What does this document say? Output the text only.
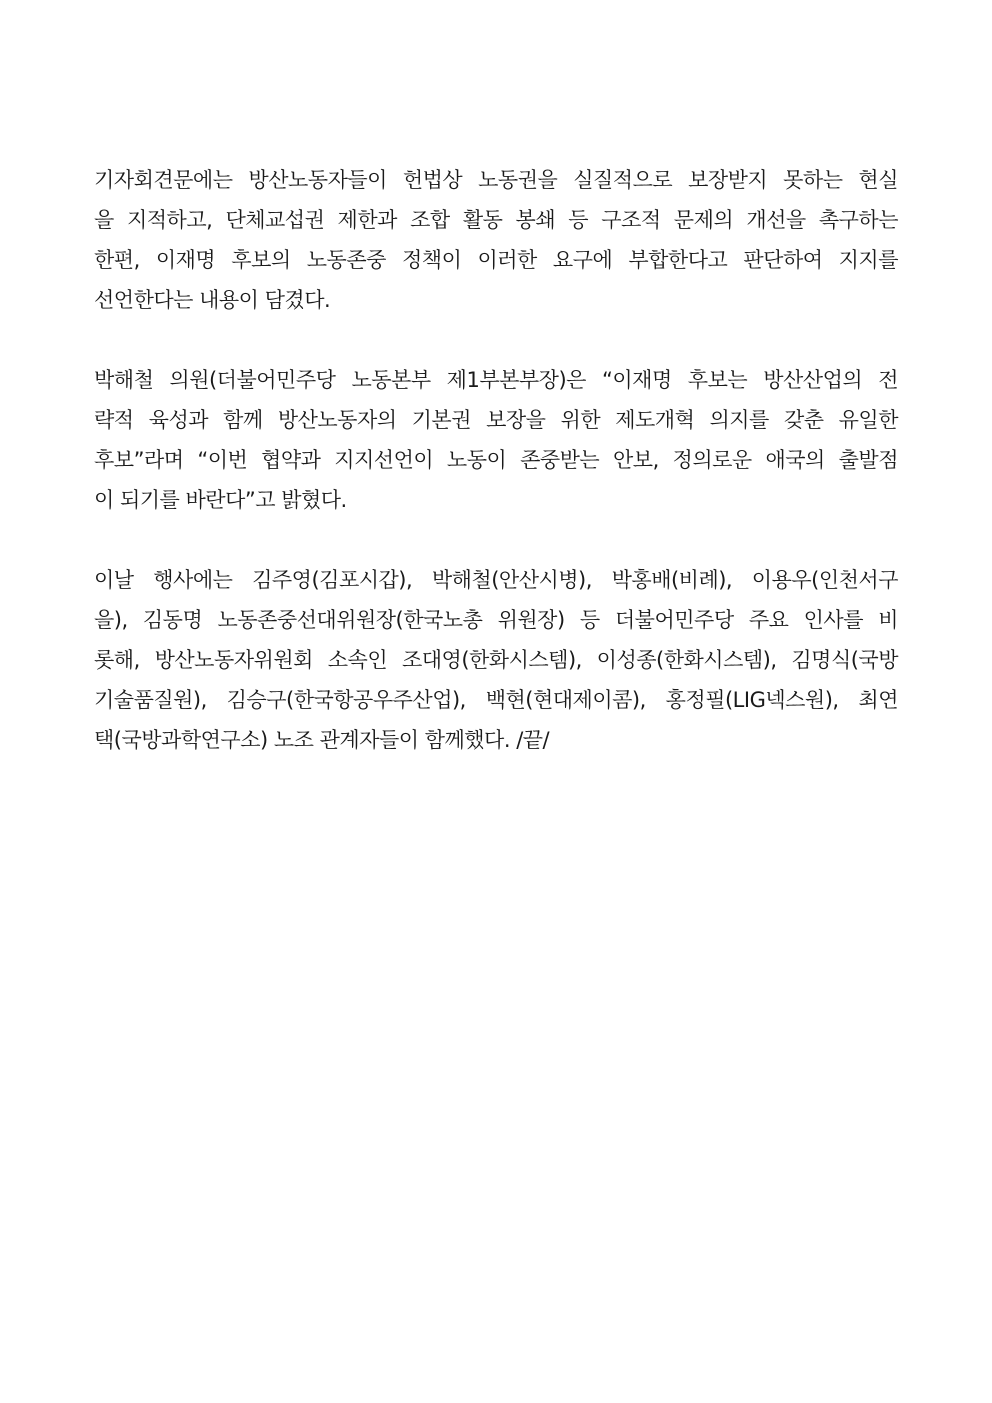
기자회견문에는 방산노동자들이 헌법상 노동권을 실질적으로 보장받지 못하는 현실
을 지적하고, 단체교섭권 제한과 조합 활동 봉쇄 등 구조적 문제의 개선을 촉구하는
한편, 이재명 후보의 노동존중 정책이 이러한 요구에 부합한다고 판단하여 지지를
선언한다는 내용이 담겼다.
박해철 의원(더불어민주당 노동본부 제1부본부장)은 “이재명 후보는 방산산업의 전
략적 육성과 함께 방산노동자의 기본권 보장을 위한 제도개혁 의지를 갖춘 유일한
후보”라며 “이번 협약과 지지선언이 노동이 존중받는 안보, 정의로운 애국의 출발점
이 되기를 바란다”고 밝혔다.
이날 행사에는 김주영(김포시갑), 박해철(안산시병), 박홍배(비례), 이용우(인천서구
을), 김동명 노동존중선대위원장(한국노총 위원장) 등 더불어민주당 주요 인사를 비
롯해, 방산노동자위원회 소속인 조대영(한화시스템), 이성종(한화시스템), 김명식(국방
기술품질원), 김승구(한국항공우주산업), 백현(현대제이콤), 홍정필(LIG넥스원), 최연
택(국방과학연구소) 노조 관계자들이 함께했다. /끝/
